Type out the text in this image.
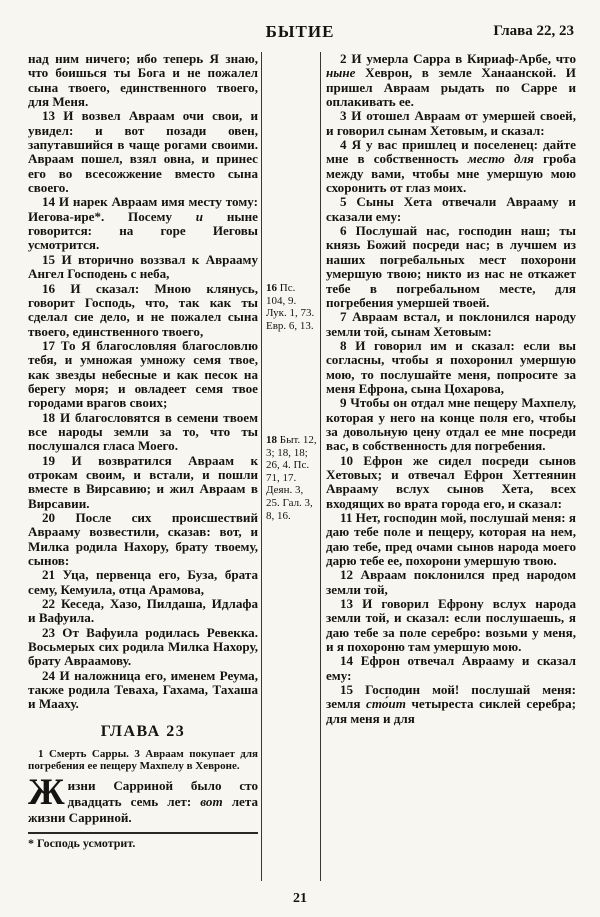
БЫТИЕ	Глава 22, 23

над ним ничего; ибо теперь Я знаю, что боишься ты Бога и не пожалел сына твоего, единственного твоего, для Меня.

13 И возвел Авраам очи свои, и увидел: и вот позади овен, запутавшийся в чаще рогами своими. Авраам пошел, взял овна, и принес его во всесожжение вместо сына своего.

14 И нарек Авраам имя месту тому: Иегова-ире*. Посему и ныне говорится: на горе Иеговы усмотрится.

15 И вторично воззвал к Аврааму Ангел Господень с неба,

16 И сказал: Мною клянусь, говорит Господь, что, так как ты сделал сие дело, и не пожалел сына твоего, единственного твоего,

17 То Я благословляя благословлю тебя, и умножая умножу семя твое, как звезды небесные и как песок на берегу моря; и овладеет семя твое городами врагов своих;

18 И благословятся в семени твоем все народы земли за то, что ты послушался гласа Моего.

19 И возвратился Авраам к отрокам своим, и встали, и пошли вместе в Вирсавию; и жил Авраам в Вирсавии.

20 После сих происшествий Аврааму возвестили, сказав: вот, и Милка родила Нахору, брату твоему, сынов:

21 Уца, первенца его, Буза, брата сему, Кемуила, отца Арамова,

22 Кеседа, Хазо, Пилдаша, Идлафа и Вафуила.

23 От Вафуила родилась Ревекка. Восьмерых сих родила Милка Нахору, брату Авраамову.

24 И наложница его, именем Реума, также родила Теваха, Гахама, Тахаша и Мааху.

ГЛАВА 23

1 Смерть Сарры. 3 Авраам покупает для погребения ее пещеру Махпелу в Хевроне.

Жизни Сарриной было сто двадцать семь лет: вот лета жизни Сарриной.

* Господь усмотрит.

16 Пс. 104, 9. Лук. 1, 73. Евр. 6, 13.
18 Быт. 12, 3; 18, 18; 26, 4. Пс. 71, 17. Деян. 3, 25. Гал. 3, 8, 16.

2 И умерла Сарра в Кириаф-Арбе, что ныне Хеврон, в земле Ханаанской. И пришел Авраам рыдать по Сарре и оплакивать ее.

3 И отошел Авраам от умершей своей, и говорил сынам Хетовым, и сказал:

4 Я у вас пришлец и поселенец: дайте мне в собственность место для гроба между вами, чтобы мне умершую мою схоронить от глаз моих.

5 Сыны Хета отвечали Аврааму и сказали ему:

6 Послушай нас, господин наш; ты князь Божий посреди нас; в лучшем из наших погребальных мест похорони умершую твою; никто из нас не откажет тебе в погребальном месте, для погребения умершей твоей.

7 Авраам встал, и поклонился народу земли той, сынам Хетовым:

8 И говорил им и сказал: если вы согласны, чтобы я похоронил умершую мою, то послушайте меня, попросите за меня Ефрона, сына Цохарова,

9 Чтобы он отдал мне пещеру Махпелу, которая у него на конце поля его, чтобы за довольную цену отдал ее мне посреди вас, в собственность для погребения.

10 Ефрон же сидел посреди сынов Хетовых; и отвечал Ефрон Хеттеянин Аврааму вслух сынов Хета, всех входящих во врата города его, и сказал:

11 Нет, господин мой, послушай меня: я даю тебе поле и пещеру, которая на нем, даю тебе, пред очами сынов народа моего дарю тебе ее, похорони умершую твою.

12 Авраам поклонился пред народом земли той,

13 И говорил Ефрону вслух народа земли той, и сказал: если послушаешь, я даю тебе за поле серебро: возьми у меня, и я похороню там умершую мою.

14 Ефрон отвечал Аврааму и сказал ему:

15 Господин мой! послушай меня: земля сто́ит четыреста сиклей серебра; для меня и для

21
